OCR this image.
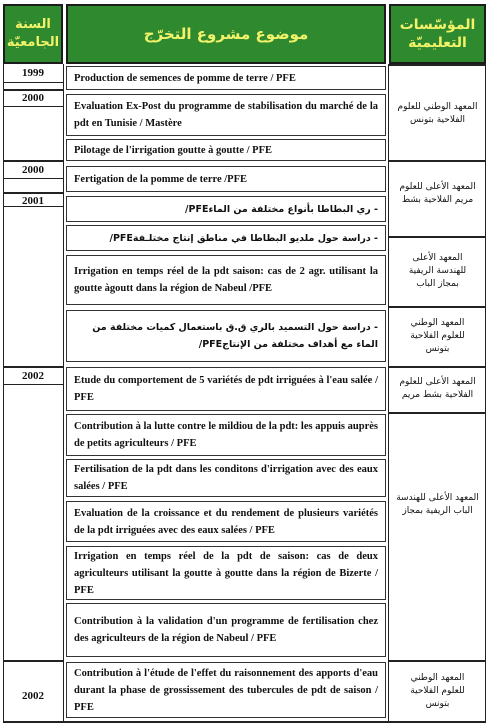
السنة
الجامعيّة	موضوع مشروع التخرّج	المؤسّسات
التعليميّة
1999
2000
2000
2001
2002
2002
Production de semences de pomme de terre / PFE
Evaluation Ex-Post du programme de stabilisation du marché de la pdt en Tunisie / Mastère
Pilotage de l'irrigation goutte à goutte / PFE
Fertigation de la pomme de terre /PFE
- ري البطاطا بأنواع مختلفة من الماءPFE/
- دراسة حول ملديو البطاطا في مناطق إنتاج مختلـفةPFE/
Irrigation en temps réel de la pdt saison: cas de 2 agr. utilisant la goutte àgoutt dans la région de Nabeul /PFE
- دراسة حول التسميد بالري ق.ق باستعمال كميات مختلفة من الماء مع أهداف مختلفة من الإنتاجPFE/
Etude du comportement de 5 variétés de pdt irriguées à l'eau salée / PFE
Contribution à la lutte contre le mildiou de la pdt: les appuis auprès de petits agriculteurs / PFE
Fertilisation de la pdt dans les conditons d'irrigation avec des eaux salées / PFE
Evaluation de la croissance et du rendement de plusieurs variétés de la pdt irriguées avec des eaux salées / PFE
Irrigation en temps réel de la pdt de saison: cas de deux agriculteurs utilisant la goutte à goutte dans la région de Bizerte / PFE
Contribution à la validation d'un programme de fertilisation chez des agriculteurs de la région de Nabeul / PFE
Contribution à l'étude de l'effet du raisonnement des apports d'eau durant la phase de grossissement des tubercules de pdt de saison / PFE
المعهد الوطني للعلوم
الفلاحية بتونس
المعهد الأعلى للعلوم
مريم الفلاحية بشط
المعهد الأعلى
للهندسة الريفية
بمجاز الباب
المعهد الوطني
للعلوم الفلاحية
بتونس
المعهد الأعلى للعلوم
الفلاحية بشط مريم
المعهد الأعلى للهندسة
الباب الريفية بمجاز
المعهد الوطني
للعلوم الفلاحية
بتونس
